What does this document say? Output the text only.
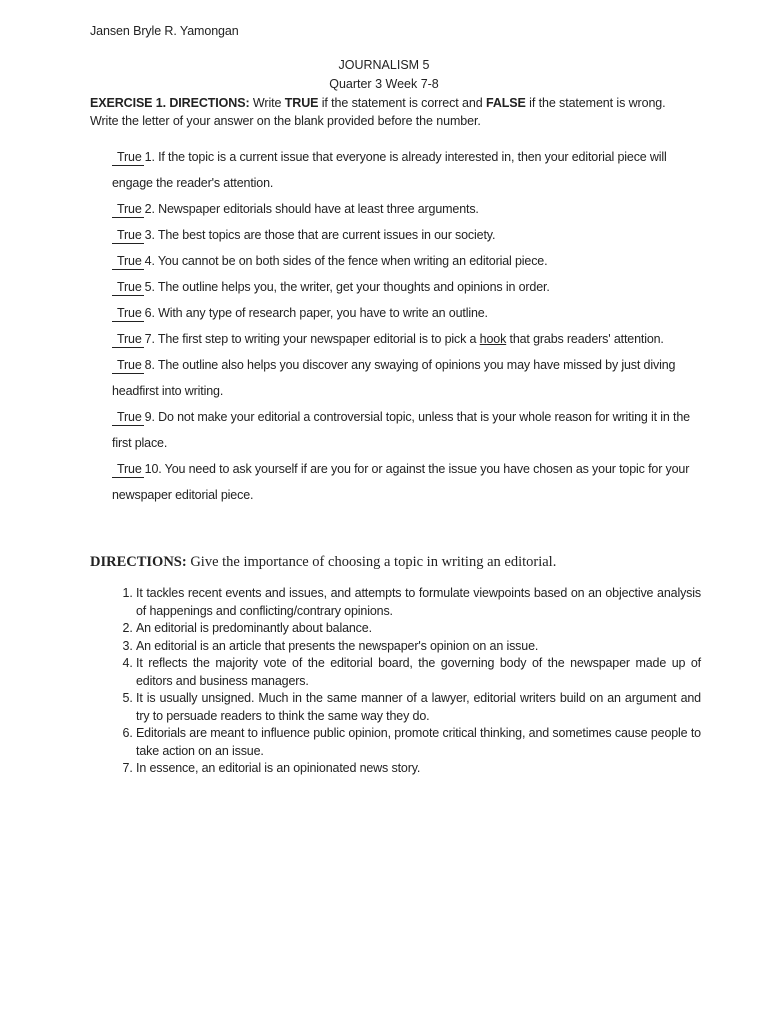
Jansen Bryle R. Yamongan
JOURNALISM 5
Quarter 3 Week 7-8
EXERCISE 1. DIRECTIONS: Write TRUE if the statement is correct and FALSE if the statement is wrong. Write the letter of your answer on the blank provided before the number.
True 1. If the topic is a current issue that everyone is already interested in, then your editorial piece will engage the reader's attention.
True 2. Newspaper editorials should have at least three arguments.
True 3. The best topics are those that are current issues in our society.
True 4. You cannot be on both sides of the fence when writing an editorial piece.
True 5. The outline helps you, the writer, get your thoughts and opinions in order.
True 6. With any type of research paper, you have to write an outline.
True 7. The first step to writing your newspaper editorial is to pick a hook that grabs readers' attention.
True 8. The outline also helps you discover any swaying of opinions you may have missed by just diving headfirst into writing.
True 9. Do not make your editorial a controversial topic, unless that is your whole reason for writing it in the first place.
True 10. You need to ask yourself if are you for or against the issue you have chosen as your topic for your newspaper editorial piece.
DIRECTIONS: Give the importance of choosing a topic in writing an editorial.
1. It tackles recent events and issues, and attempts to formulate viewpoints based on an objective analysis of happenings and conflicting/contrary opinions.
2. An editorial is predominantly about balance.
3. An editorial is an article that presents the newspaper's opinion on an issue.
4. It reflects the majority vote of the editorial board, the governing body of the newspaper made up of editors and business managers.
5. It is usually unsigned. Much in the same manner of a lawyer, editorial writers build on an argument and try to persuade readers to think the same way they do.
6. Editorials are meant to influence public opinion, promote critical thinking, and sometimes cause people to take action on an issue.
7. In essence, an editorial is an opinionated news story.
